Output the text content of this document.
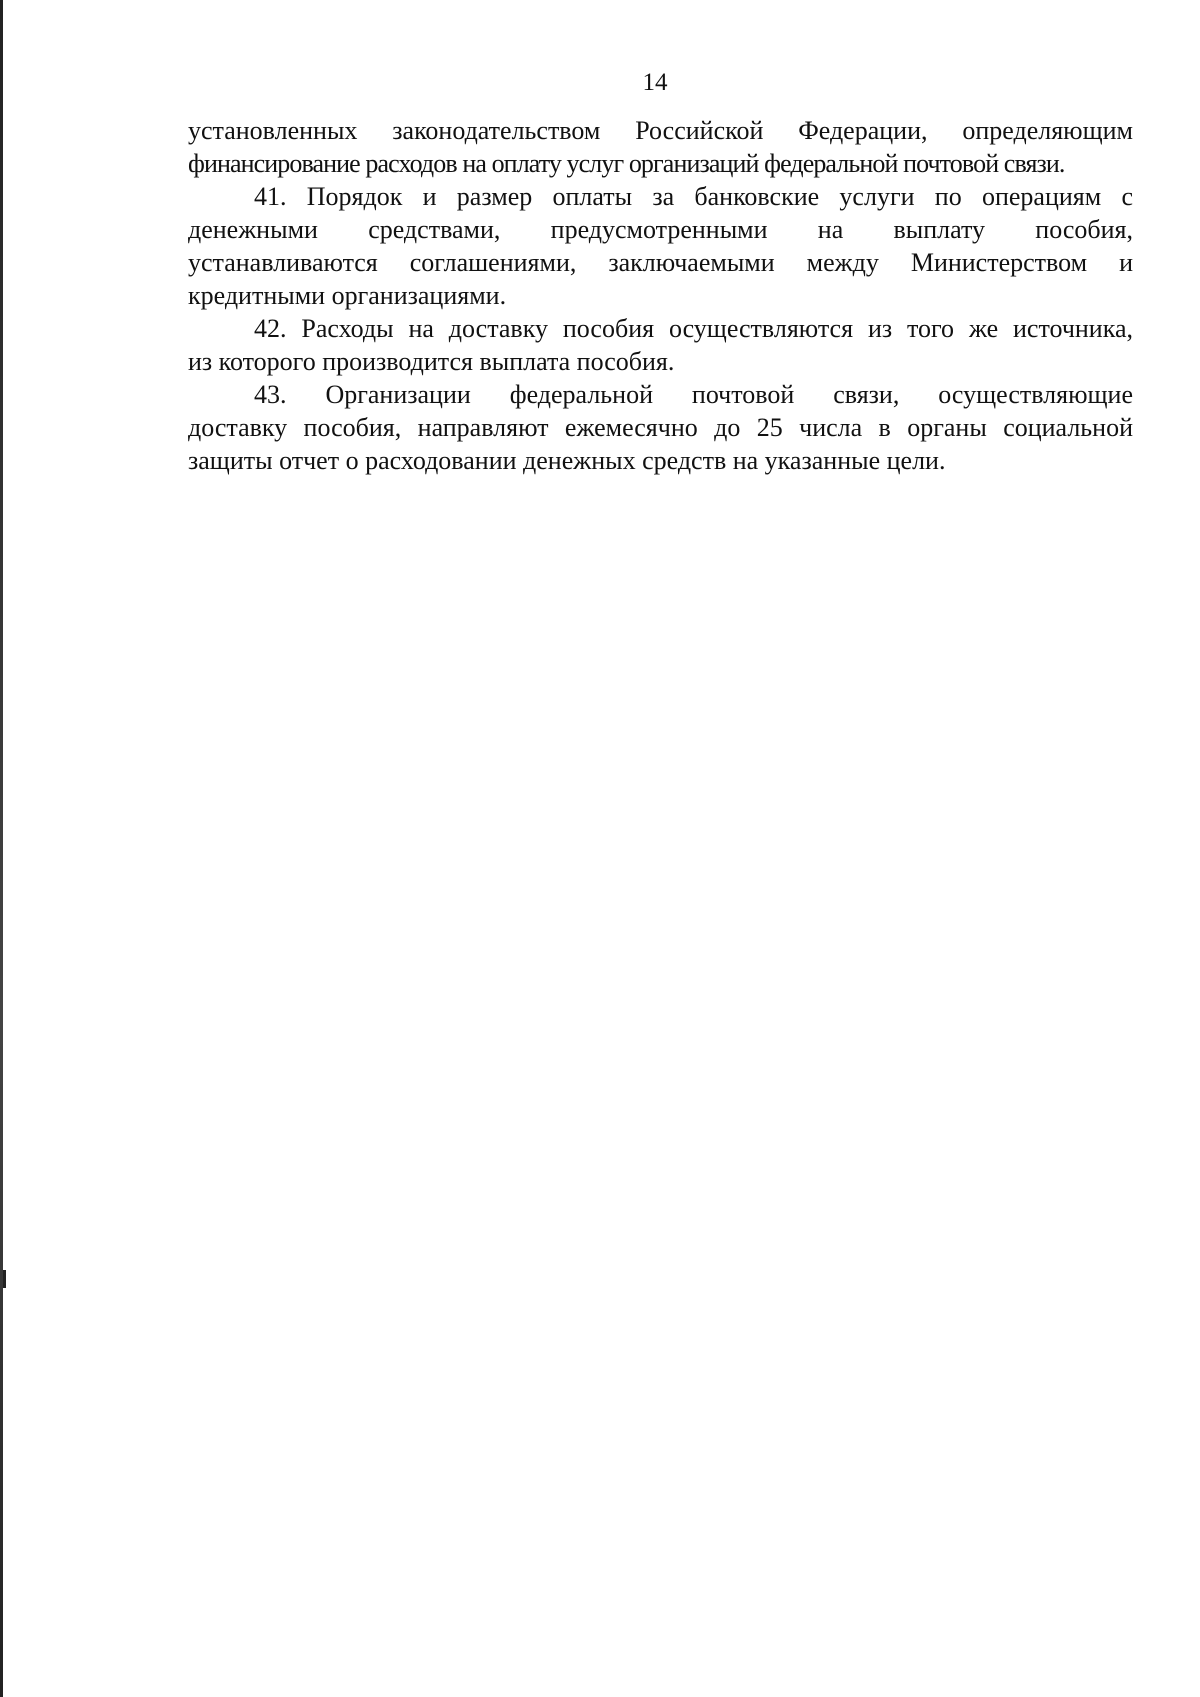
14

установленных законодательством Российской Федерации, определяющим
финансирование расходов на оплату услуг организаций федеральной почтовой связи.

41. Порядок и размер оплаты за банковские услуги по операциям с
денежными средствами, предусмотренными на выплату пособия,
устанавливаются соглашениями, заключаемыми между Министерством и
кредитными организациями.

42. Расходы на доставку пособия осуществляются из того же источника,
из которого производится выплата пособия.

43. Организации федеральной почтовой связи, осуществляющие
доставку пособия, направляют ежемесячно до 25 числа в органы социальной
защиты отчет о расходовании денежных средств на указанные цели.
